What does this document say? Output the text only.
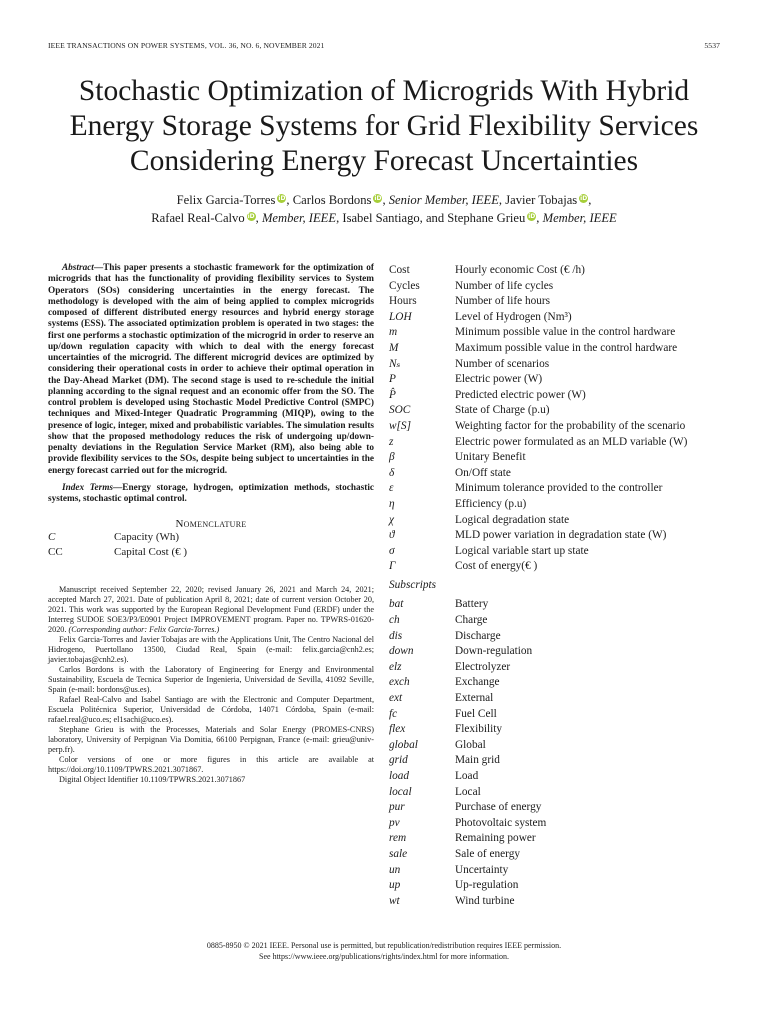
IEEE TRANSACTIONS ON POWER SYSTEMS, VOL. 36, NO. 6, NOVEMBER 2021	5537
Stochastic Optimization of Microgrids With Hybrid
Energy Storage Systems for Grid Flexibility Services
Considering Energy Forecast Uncertainties
Felix Garcia-Torres iD, Carlos Bordons iD, Senior Member, IEEE, Javier Tobajas iD,
Rafael Real-Calvo iD, Member, IEEE, Isabel Santiago, and Stephane Grieu iD, Member, IEEE

Abstract—This paper presents a stochastic framework for the optimization of microgrids that has the functionality of providing flexibility services to System Operators (SOs) considering uncertainties in the energy forecast. The methodology is developed with the aim of being applied to complex microgrids composed of different distributed energy resources and hybrid energy storage systems (ESS). The associated optimization problem is operated in two stages: the first one performs a stochastic optimization of the microgrid in order to reserve an up/down regulation capacity with which to deal with the energy forecast uncertainties of the microgrid. The different microgrid devices are optimized by considering their operational costs in order to achieve their optimal operation in the Day-Ahead Market (DM). The second stage is used to re-schedule the initial planning according to the signal request and an economic offer from the SO. The control problem is developed using Stochastic Model Predictive Control (SMPC) techniques and Mixed-Integer Quadratic Programming (MIQP), owing to the presence of logic, integer, mixed and probabilistic variables. The simulation results show that the proposed methodology reduces the risk of undergoing up/down-penalty deviations in the Regulation Service Market (RM), also being able to provide flexibility services to the SOs, despite being subject to uncertainties in the energy forecast carried out for the microgrid.

Index Terms—Energy storage, hydrogen, optimization methods, stochastic systems, stochastic optimal control.

Nomenclature
C	Capacity (Wh)
CC	Capital Cost (€ )

Manuscript received September 22, 2020; revised January 26, 2021 and March 24, 2021; accepted March 27, 2021. Date of publication April 8, 2021; date of current version October 20, 2021. This work was supported by the European Regional Development Fund (ERDF) under the Interreg SUDOE SOE3/P3/E0901 Project IMPROVEMENT program. Paper no. TPWRS-01620-2020. (Corresponding author: Felix Garcia-Torres.)

Felix Garcia-Torres and Javier Tobajas are with the Applications Unit, The Centro Nacional del Hidrogeno, Puertollano 13500, Ciudad Real, Spain (e-mail: felix.garcia@cnh2.es; javier.tobajas@cnh2.es).

Carlos Bordons is with the Laboratory of Engineering for Energy and Environmental Sustainability, Escuela de Tecnica Superior de Ingenieria, Universidad de Sevilla, 41092 Seville, Spain (e-mail: bordons@us.es).

Rafael Real-Calvo and Isabel Santiago are with the Electronic and Computer Department, Escuela Politécnica Superior, Universidad de Córdoba, 14071 Córdoba, Spain (e-mail: rafael.real@uco.es; el1sachi@uco.es).

Stephane Grieu is with the Processes, Materials and Solar Energy (PROMES-CNRS) laboratory, University of Perpignan Via Domitia, 66100 Perpignan, France (e-mail: grieu@univ-perp.fr).

Color versions of one or more figures in this article are available at https://doi.org/10.1109/TPWRS.2021.3071867.

Digital Object Identifier 10.1109/TPWRS.2021.3071867

Cost	Hourly economic Cost (€ /h)
Cycles	Number of life cycles
Hours	Number of life hours
LOH	Level of Hydrogen (Nm³)
m	Minimum possible value in the control hardware
M	Maximum possible value in the control hardware
Nₛ	Number of scenarios
P	Electric power (W)
P̂	Predicted electric power (W)
SOC	State of Charge (p.u)
w[S]	Weighting factor for the probability of the scenario
z	Electric power formulated as an MLD variable (W)
β	Unitary Benefit
δ	On/Off state
ε	Minimum tolerance provided to the controller
η	Efficiency (p.u)
χ	Logical degradation state
ϑ	MLD power variation in degradation state (W)
σ	Logical variable start up state
Γ	Cost of energy(€ )
Subscripts
bat	Battery
ch	Charge
dis	Discharge
down	Down-regulation
elz	Electrolyzer
exch	Exchange
ext	External
fc	Fuel Cell
flex	Flexibility
global	Global
grid	Main grid
load	Load
local	Local
pur	Purchase of energy
pv	Photovoltaic system
rem	Remaining power
sale	Sale of energy
un	Uncertainty
up	Up-regulation
wt	Wind turbine
0885-8950 © 2021 IEEE. Personal use is permitted, but republication/redistribution requires IEEE permission.
See https://www.ieee.org/publications/rights/index.html for more information.
